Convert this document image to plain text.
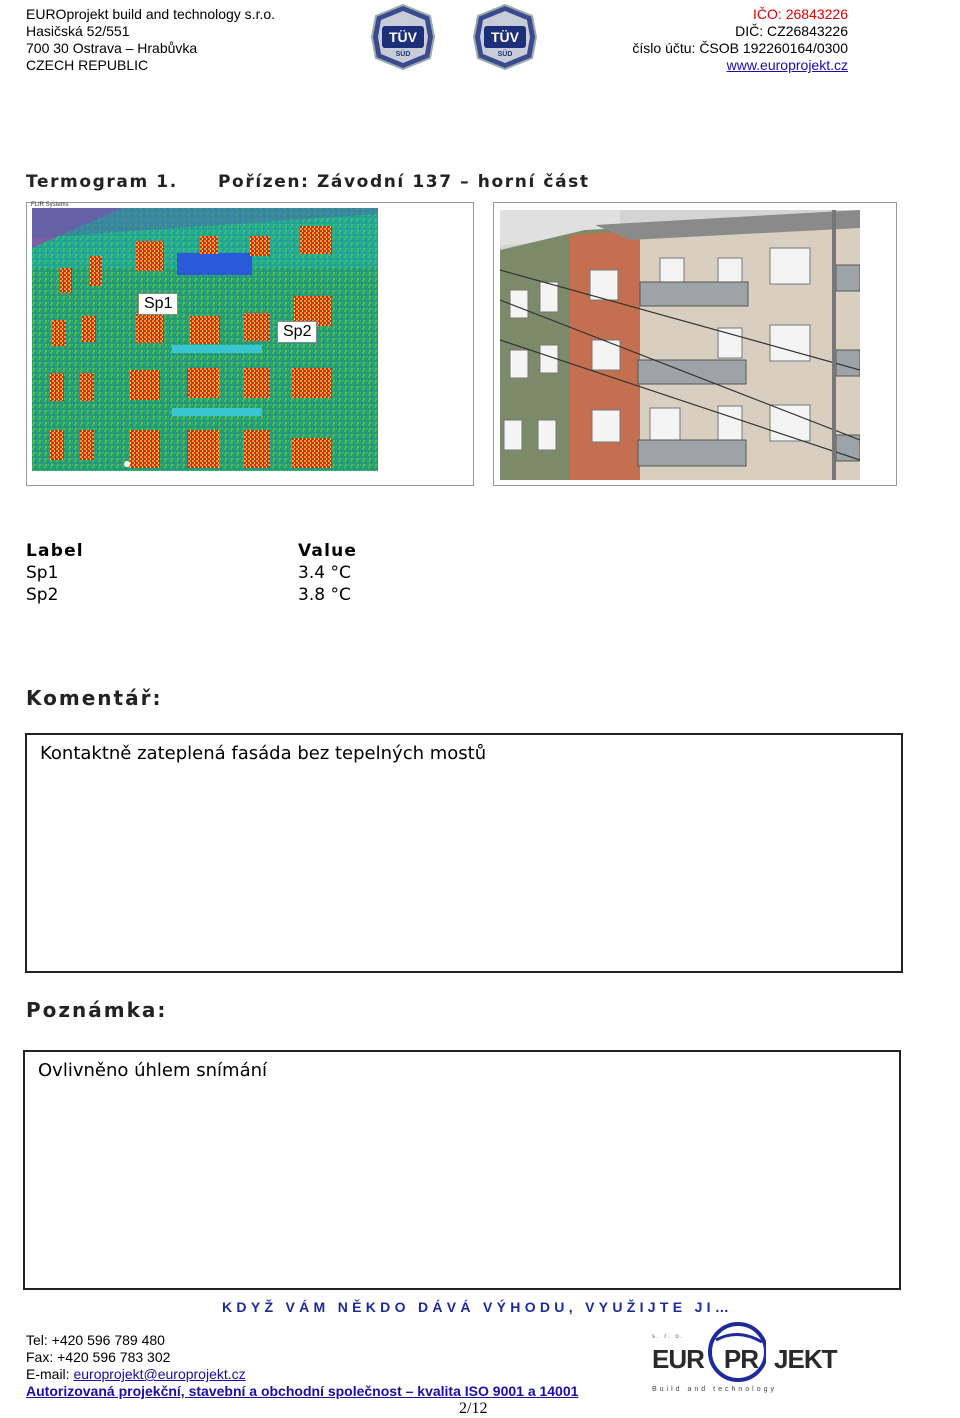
EUROprojekt build and technology s.r.o.
Hasičská 52/551
700 30 Ostrava – Hrabůvka
CZECH REPUBLIC
TÜV
SÜD
TÜV
SÜD
IČO: 26843226
DIČ: CZ26843226
číslo účtu: ČSOB 192260164/0300
www.europrojekt.cz
Termogram 1. Pořízen: Závodní 137 – horní část
FLIR Systems
Sp1
Sp2
Label	Value
Sp1	3.4 °C
Sp2	3.8 °C
Komentář:
Kontaktně zateplená fasáda bez tepelných mostů
Poznámka:
Ovlivněno úhlem snímání
KDYŽ VÁM NĚKDO DÁVÁ VÝHODU, VYUŽIJTE JI…
Tel: +420 596 789 480
Fax: +420 596 783 302
E-mail: europrojekt@europrojekt.cz
Autorizovaná projekční, stavební a obchodní společnost – kvalita ISO 9001 a 14001
2/12
s. r. o.
EUR PR JEKT
Build and technology
